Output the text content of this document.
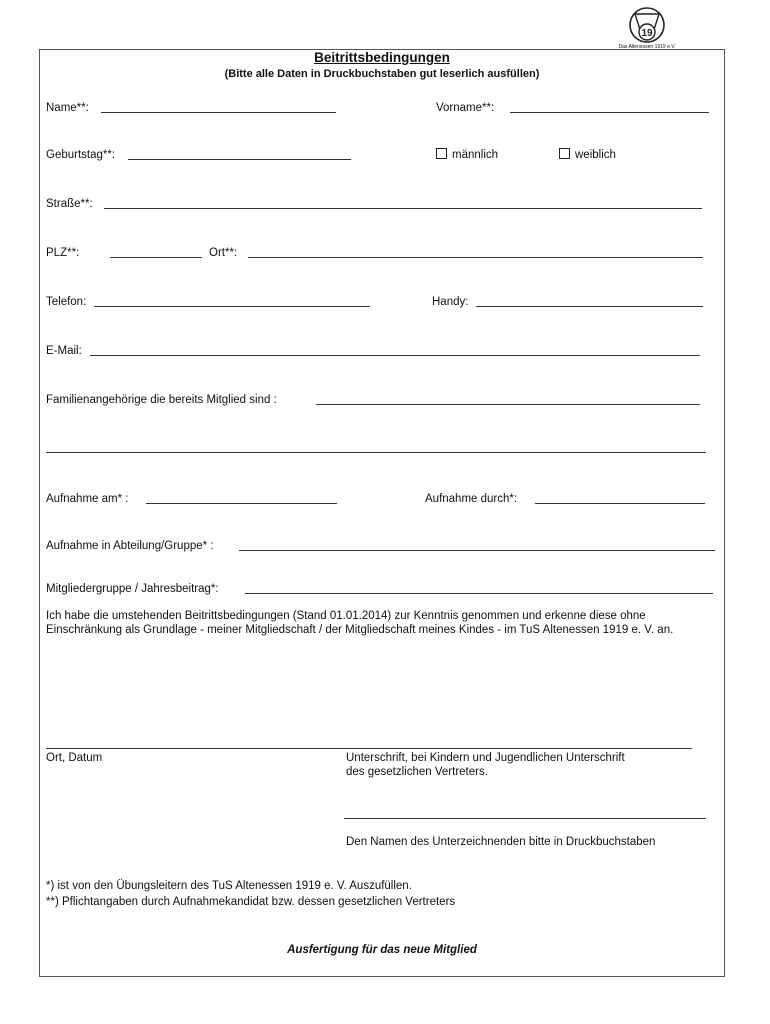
19
Das Altenessen 1919 e.V.
Beitrittsbedingungen
(Bitte alle Daten in Druckbuchstaben gut leserlich ausfüllen)
Name**:	Vorname**:
Geburtstag**:	männlich	weiblich
Straße**:
PLZ**:	Ort**:
Telefon:	Handy:
E-Mail:
Familienangehörige die bereits Mitglied sind :
Aufnahme am* :	Aufnahme durch*:
Aufnahme in Abteilung/Gruppe* :
Mitgliedergruppe / Jahresbeitrag*:
Ich habe die umstehenden Beitrittsbedingungen (Stand 01.01.2014) zur Kenntnis genommen und erkenne diese ohne Einschränkung als Grundlage - meiner Mitgliedschaft / der Mitgliedschaft meines Kindes - im TuS Altenessen 1919 e. V. an.
Ort, Datum	Unterschrift, bei Kindern und Jugendlichen Unterschrift
des gesetzlichen Vertreters.
Den Namen des Unterzeichnenden bitte in Druckbuchstaben
*) ist von den Übungsleitern des TuS Altenessen 1919 e. V. Auszufüllen.
**) Pflichtangaben durch Aufnahmekandidat bzw. dessen gesetzlichen Vertreters
Ausfertigung für das neue Mitglied
